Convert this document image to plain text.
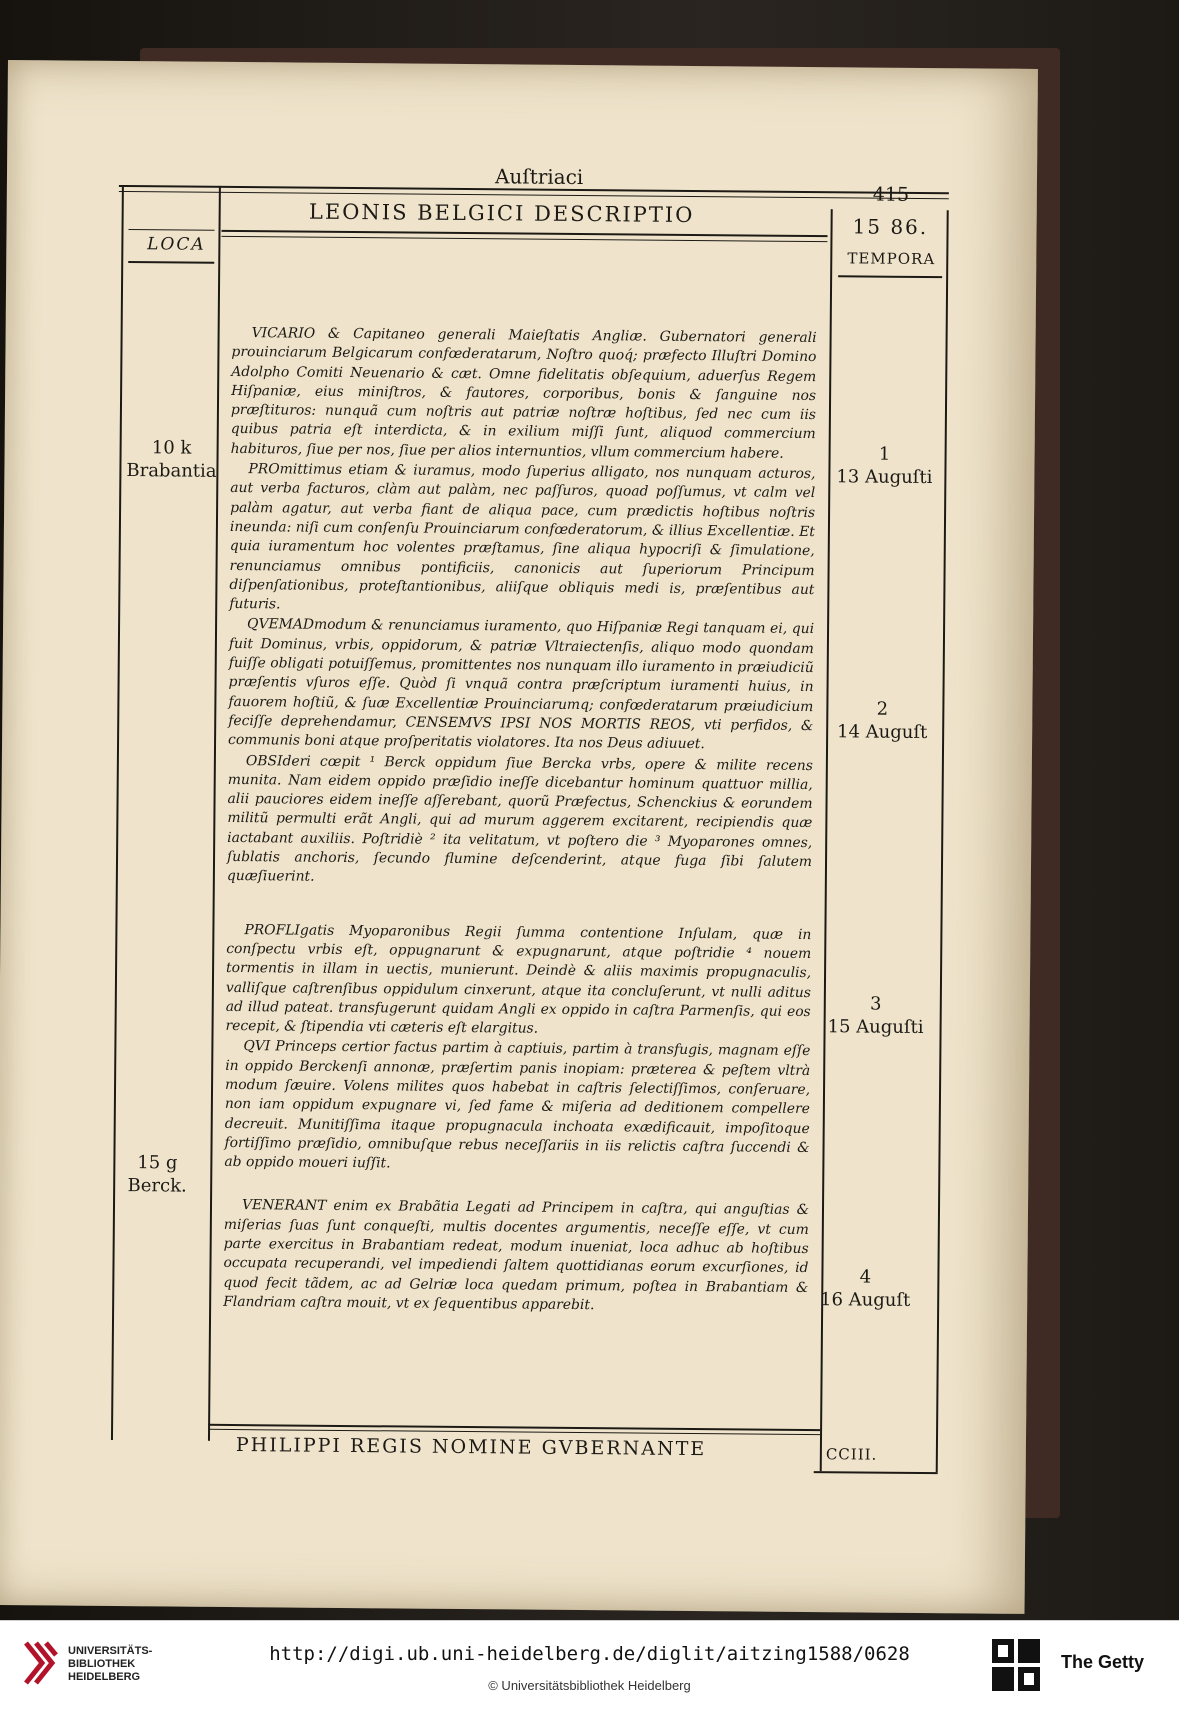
Auſtriaci
415
LEONIS BELGICI DESCRIPTIO	15 86.
LOCA
TEMPORA
10 k
Brabantia
15 g
Berck.
1
13 Auguſti
2
14 Auguſt
3
15 Auguſti
4
16 Auguſt

VICARIO & Capitaneo generali Maieſtatis Angliæ. Gubernatori generali prouinciarum Belgicarum confœderatarum, Noſtro quoq́; præfecto Illuſtri Domino Adolpho Comiti Neuenario & cæt. Omne fidelitatis obſequium, aduerſus Regem Hiſpaniæ, eius miniſtros, & fautores, corporibus, bonis & ſanguine nos præſtituros: nunquã cum noſtris aut patriæ noſtræ hoſtibus, ſed nec cum iis quibus patria eſt interdicta, & in exilium miſſi ſunt, aliquod commercium habituros, ſiue per nos, ſiue per alios internuntios, vllum commercium habere.

PROmittimus etiam & iuramus, modo ſuperius alligato, nos nunquam acturos, aut verba facturos, clàm aut palàm, nec paſſuros, quoad poſſumus, vt calm vel palàm agatur, aut verba fiant de aliqua pace, cum prædictis hoſtibus noſtris ineunda: niſi cum conſenſu Prouinciarum confœderatorum, & illius Excellentiæ. Et quia iuramentum hoc volentes præſtamus, ſine aliqua hypocriſi & ſimulatione, renunciamus omnibus pontificiis, canonicis aut ſuperiorum Principum diſpenſationibus, proteſtantionibus, aliiſque obliquis medi is, præſentibus aut futuris.

QVEMADmodum & renunciamus iuramento, quo Hiſpaniæ Regi tanquam ei, qui fuit Dominus, vrbis, oppidorum, & patriæ Vltraiectenſis, aliquo modo quondam fuiſſe obligati potuiſſemus, promittentes nos nunquam illo iuramento in præiudiciũ præſentis vſuros eſſe. Quòd ſi vnquã contra præſcriptum iuramenti huius, in fauorem hoſtiũ, & ſuæ Excellentiæ Prouinciarumq; confœderatarum præiudicium feciſſe deprehendamur, CENSEMVS IPSI NOS MORTIS REOS, vti perfidos, & communis boni atque proſperitatis violatores. Ita nos Deus adiuuet.

OBSIderi cœpit ¹ Berck oppidum ſiue Bercka vrbs, opere & milite recens munita. Nam eidem oppido præſidio ineſſe dicebantur hominum quattuor millia, alii pauciores eidem ineſſe aſſerebant, quorũ Præfectus, Schenckius & eorundem militũ permulti erãt Angli, qui ad murum aggerem excitarent, recipiendis quæ iactabant auxiliis. Poſtridiè ² ita velitatum, vt poſtero die ³ Myoparones omnes, ſublatis anchoris, ſecundo flumine deſcenderint, atque fuga ſibi ſalutem quæſiuerint.

PROFLIgatis Myoparonibus Regii ſumma contentione Inſulam, quæ in conſpectu vrbis eſt, oppugnarunt & expugnarunt, atque poſtridie ⁴ nouem tormentis in illam in uectis, munierunt. Deindè & aliis maximis propugnaculis, valliſque caſtrenſibus oppidulum cinxerunt, atque ita concluſerunt, vt nulli aditus ad illud pateat. transfugerunt quidam Angli ex oppido in caſtra Parmenſis, qui eos recepit, & ſtipendia vti cæteris eſt elargitus.

QVI Princeps certior factus partim à captiuis, partim à transfugis, magnam eſſe in oppido Berckenſi annonæ, præſertim panis inopiam: præterea & peſtem vltrà modum ſæuire. Volens milites quos habebat in caſtris ſelectiſſimos, conſeruare, non iam oppidum expugnare vi, ſed fame & miſeria ad deditionem compellere decreuit. Munitiſſima itaque propugnacula inchoata exædificauit, impoſitoque fortiſſimo præſidio, omnibuſque rebus neceſſariis in iis relictis caſtra ſuccendi & ab oppido moueri iuſſit.

VENERANT enim ex Brabãtia Legati ad Principem in caſtra, qui anguſtias & miſerias ſuas ſunt conqueſti, multis docentes argumentis, neceſſe eſſe, vt cum parte exercitus in Brabantiam redeat, modum inueniat, loca adhuc ab hoſtibus occupata recuperandi, vel impediendi ſaltem quottidianas eorum excurſiones, id quod fecit tãdem, ac ad Gelriæ loca quedam primum, poſtea in Brabantiam & Flandriam caſtra mouit, vt ex ſequentibus apparebit.

PHILIPPI REGIS NOMINE GVBERNANTE	CCIII.
UNIVERSITÄTS-
BIBLIOTHEK
HEIDELBERG
http://digi.ub.uni-heidelberg.de/diglit/aitzing1588/0628
© Universitätsbibliothek Heidelberg
The Getty
